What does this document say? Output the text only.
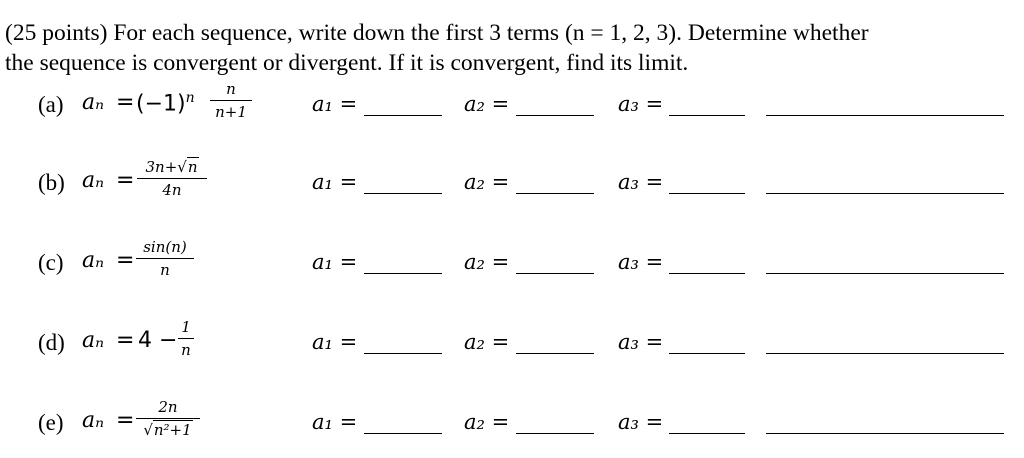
(25 points) For each sequence, write down the first 3 terms (n = 1, 2, 3). Determine whether
the sequence is convergent or divergent. If it is convergent, find its limit.
(a) $a_n = (-1)^n$	n
n+1	a₁ =	a₂ =	a₃ =
(b) aₙ =
3n+√n
4n	a₁ =	a₂ =	a₃ =
(c) aₙ =
sin(n)
n	a₁ =	a₂ =	a₃ =
(d) aₙ = 4 −
1
n	a₁ =	a₂ =	a₃ =
(e) aₙ =
2n
√n²+1	a₁ =	a₂ =	a₃ =
